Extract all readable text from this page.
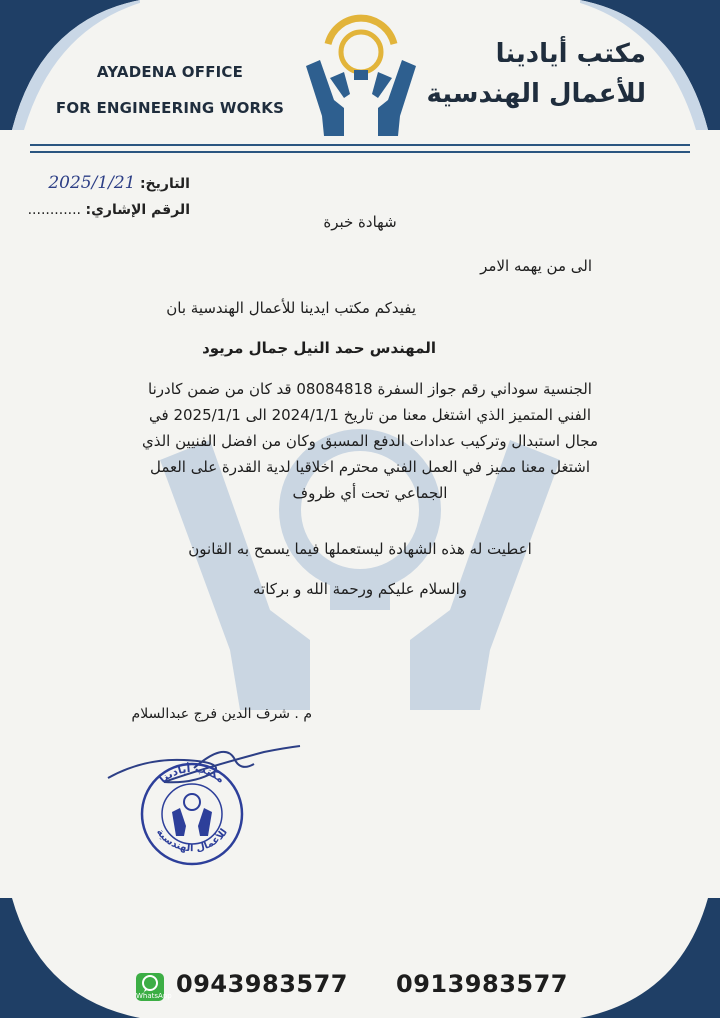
AYADENA OFFICE
FOR ENGINEERING WORKS
مكتب أيادينا
للأعمال الهندسية
التاريخ: 2025/1/21
الرقم الإشاري: ............
شهادة خبرة
الى من يهمه الامر
يفيدكم مكتب ايدينا للأعمال الهندسية بان
المهندس حمد النيل جمال مريود

الجنسية سوداني رقم جواز السفرة 08084818 قد كان من ضمن كادرنا

الفني المتميز الذي اشتغل معنا من تاريخ 2024/1/1 الى 2025/1/1 في

مجال استبدال وتركيب عدادات الدفع المسبق وكان من افضل الفنيين الذي

اشتغل معنا مميز في العمل الفني محترم اخلاقيا لدية القدرة على العمل

الجماعي تحت أي ظروف

اعطيت له هذه الشهادة ليستعملها فيما يسمح به القانون
والسلام عليكم ورحمة الله و بركاته
م . شرف الدين فرج عبدالسلام
مكتب أيادينا
للأعمال الهندسية
WhatsApp 0943983577 0913983577
